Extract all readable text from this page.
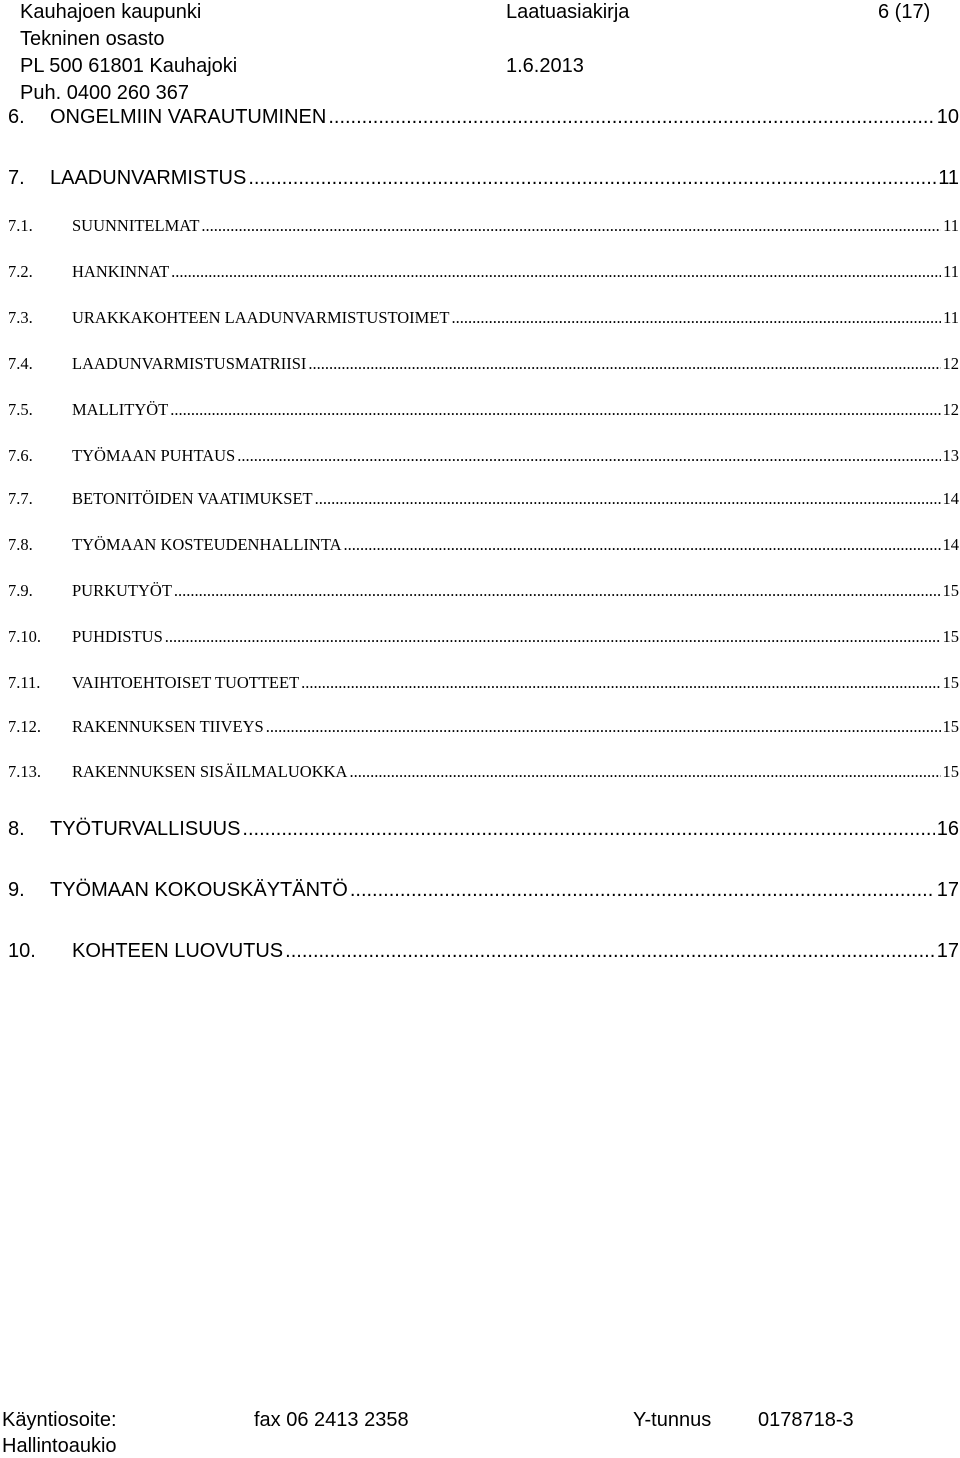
Kauhajoen kaupunki
Tekninen osasto
PL 500 61801 Kauhajoki
Puh. 0400 260 367
Laatuasiakirja
1.6.2013
6 (17)
6.	ONGELMIIN VARAUTUMINEN .....	10
7.	LAADUNVARMISTUS .....	11
7.1.	SUUNNITELMAT .....	11
7.2.	HANKINNAT .....	11
7.3.	URAKKAKOHTEEN LAADUNVARMISTUSTOIMET .....	11
7.4.	LAADUNVARMISTUSMATRIISI .....	12
7.5.	MALLITYÖT .....	12
7.6.	TYÖMAAN PUHTAUS .....	13
7.7.	BETONITÖIDEN VAATIMUKSET .....	14
7.8.	TYÖMAAN KOSTEUDENHALLINTA .....	14
7.9.	PURKUTYÖT .....	15
7.10.	PUHDISTUS .....	15
7.11.	VAIHTOEHTOISET TUOTTEET .....	15
7.12.	RAKENNUKSEN TIIVEYS .....	15
7.13.	RAKENNUKSEN SISÄILMALUOKKA .....	15
8.	TYÖTURVALLISUUS .....	16
9.	TYÖMAAN KOKOUSKÄYTÄNTÖ .....	17
10.	KOHTEEN LUOVUTUS .....	17
Käyntiosoite:
Hallintoaukio
fax 06 2413 2358	Y-tunnus 0178718-3
